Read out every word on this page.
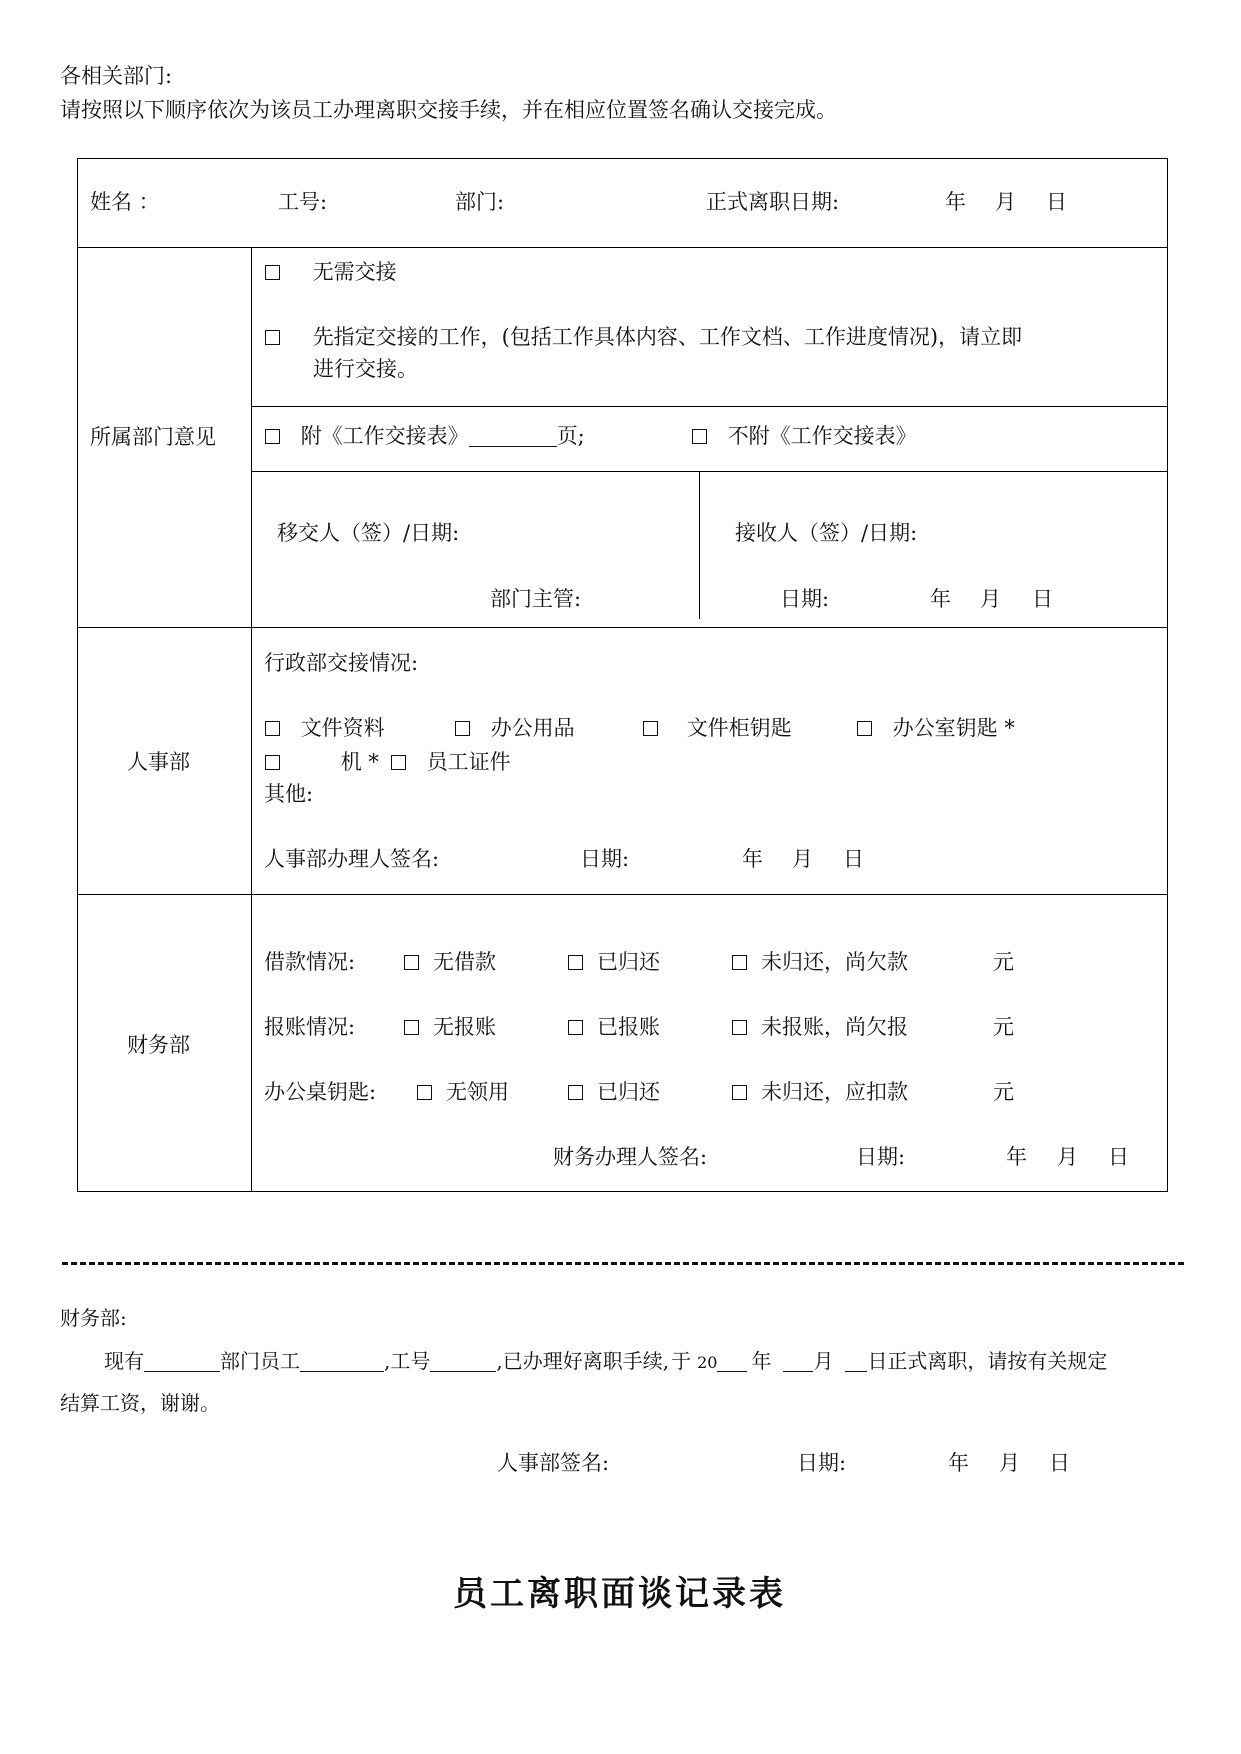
各相关部门:
请按照以下顺序依次为该员工办理离职交接手续，并在相应位置签名确认交接完成。
姓名 ：	工号:	部门:	正式离职日期:	年 月 日
所属部门意见
无需交接
先指定交接的工作，(包括工作具体内容、工作文档、工作进度情况)，请立即
进行交接。
附《工作交接表》	页;	不附《工作交接表》
移交人（签）/日期:	接收人（签）/日期:
部门主管:	日期:	年 月 日
人事部
行政部交接情况:
文件资料	办公用品	文件柜钥匙	办公室钥匙 *
机 *	员工证件
其他:
人事部办理人签名:	日期:	年 月 日
财务部
借款情况:	无借款	已归还	未归还，尚欠款	元
报账情况:	无报账	已报账	未报账，尚欠报	元
办公桌钥匙:	无领用	已归还	未归还，应扣款	元
财务办理人签名:	日期:	年 月 日
财务部:
现有	部门员工	,工号	,已办理好离职手续, 于 20 年 月 日正式离职，请按有关规定
结算工资，谢谢。
人事部签名:	日期:	年 月 日
员工离职面谈记录表
